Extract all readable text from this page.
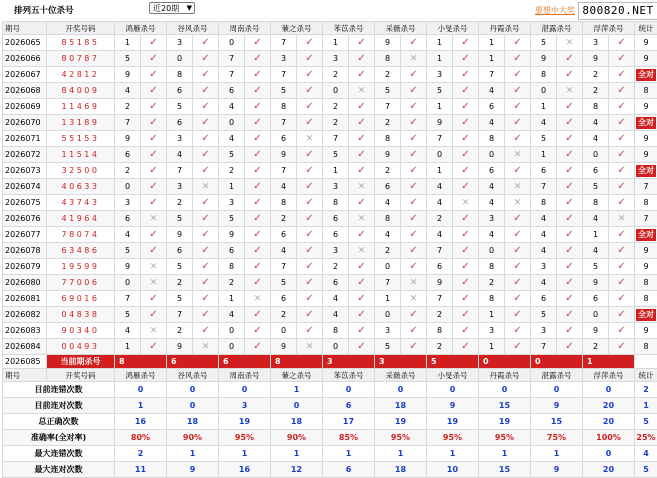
排列五十位杀号	近20期 ▼	要想中大奖 800820.NET
期号	开奖号码	鸿雁杀号		谷风杀号		周南杀号		蒹之杀号		苯苡杀号		采薇杀号		小旻杀号		丹霞杀号		湛露杀号		浮萍杀号		统计
2026065	85185	1	✓	3	✓	0	✓	7	✓	1	✓	9	✓	1	✓	1	✓	5	✕	3	✓	9
2026066	80787	5	✓	0	✓	7	✓	3	✓	3	✓	8	✕	1	✓	1	✓	9	✓	9	✓	9
2026067	42812	9	✓	8	✓	7	✓	7	✓	2	✓	2	✓	3	✓	7	✓	8	✓	2	✓	全对
2026068	84009	4	✓	6	✓	6	✓	5	✓	0	✕	5	✓	5	✓	4	✓	0	✕	2	✓	8
2026069	11469	2	✓	5	✓	4	✓	8	✓	2	✓	7	✓	1	✓	6	✓	1	✓	8	✓	9
2026070	13189	7	✓	6	✓	0	✓	7	✓	2	✓	2	✓	9	✓	4	✓	4	✓	4	✓	全对
2026071	55153	9	✓	3	✓	4	✓	6	✕	7	✓	8	✓	7	✓	8	✓	5	✓	4	✓	9
2026072	11514	6	✓	4	✓	5	✓	9	✓	5	✓	9	✓	0	✓	0	✕	1	✓	0	✓	9
2026073	32500	2	✓	7	✓	2	✓	7	✓	1	✓	2	✓	1	✓	6	✓	6	✓	6	✓	全对
2026074	40633	0	✓	3	✕	1	✓	4	✓	3	✕	6	✓	4	✓	4	✕	7	✓	5	✓	7
2026075	43743	3	✓	2	✓	3	✓	8	✓	8	✓	4	✓	4	✕	4	✕	8	✓	8	✓	8
2026076	41964	6	✕	5	✓	5	✓	2	✓	6	✕	8	✓	2	✓	3	✓	4	✓	4	✕	7
2026077	78074	4	✓	9	✓	9	✓	6	✓	6	✓	4	✓	4	✓	4	✓	4	✓	1	✓	全对
2026078	63486	5	✓	6	✓	6	✓	4	✓	3	✕	2	✓	7	✓	0	✓	4	✓	4	✓	9
2026079	19599	9	✕	5	✓	8	✓	7	✓	2	✓	0	✓	6	✓	8	✓	3	✓	5	✓	9
2026080	77006	0	✕	2	✓	2	✓	5	✓	6	✓	7	✕	9	✓	2	✓	4	✓	9	✓	8
2026081	69016	7	✓	5	✓	1	✕	6	✓	4	✓	1	✕	7	✓	8	✓	6	✓	6	✓	8
2026082	04838	5	✓	7	✓	4	✓	2	✓	4	✓	0	✓	2	✓	1	✓	5	✓	0	✓	全对
2026083	90340	4	✕	2	✓	0	✓	0	✓	8	✓	3	✓	8	✓	3	✓	3	✓	9	✓	9
2026084	00493	1	✓	9	✕	0	✓	9	✕	0	✓	5	✓	2	✓	1	✓	7	✓	2	✓	8
2026085	当前期杀号	8		6		6		8		3		3		5		0		0		1		
期号	开奖号码	鸿雁杀号		谷风杀号		周南杀号		蒹之杀号		苯苡杀号		采薇杀号		小旻杀号		丹霞杀号		湛露杀号		浮萍杀号		统计
目前连错次数		0		0		0		1		0		0		0		0		0		0		2
目前连对次数		1		0		3		0		6		18		9		15		9		20		1
总正确次数		16		18		19		18		17		19		19		19		15		20		5
准确率(全对率)		80%		90%		95%		90%		85%		95%		95%		95%		75%		100%		25%
最大连错次数		2		1		1		1		1		1		1		1		1		0		4
最大连对次数		11		9		16		12		6		18		10		15		9		20		5
